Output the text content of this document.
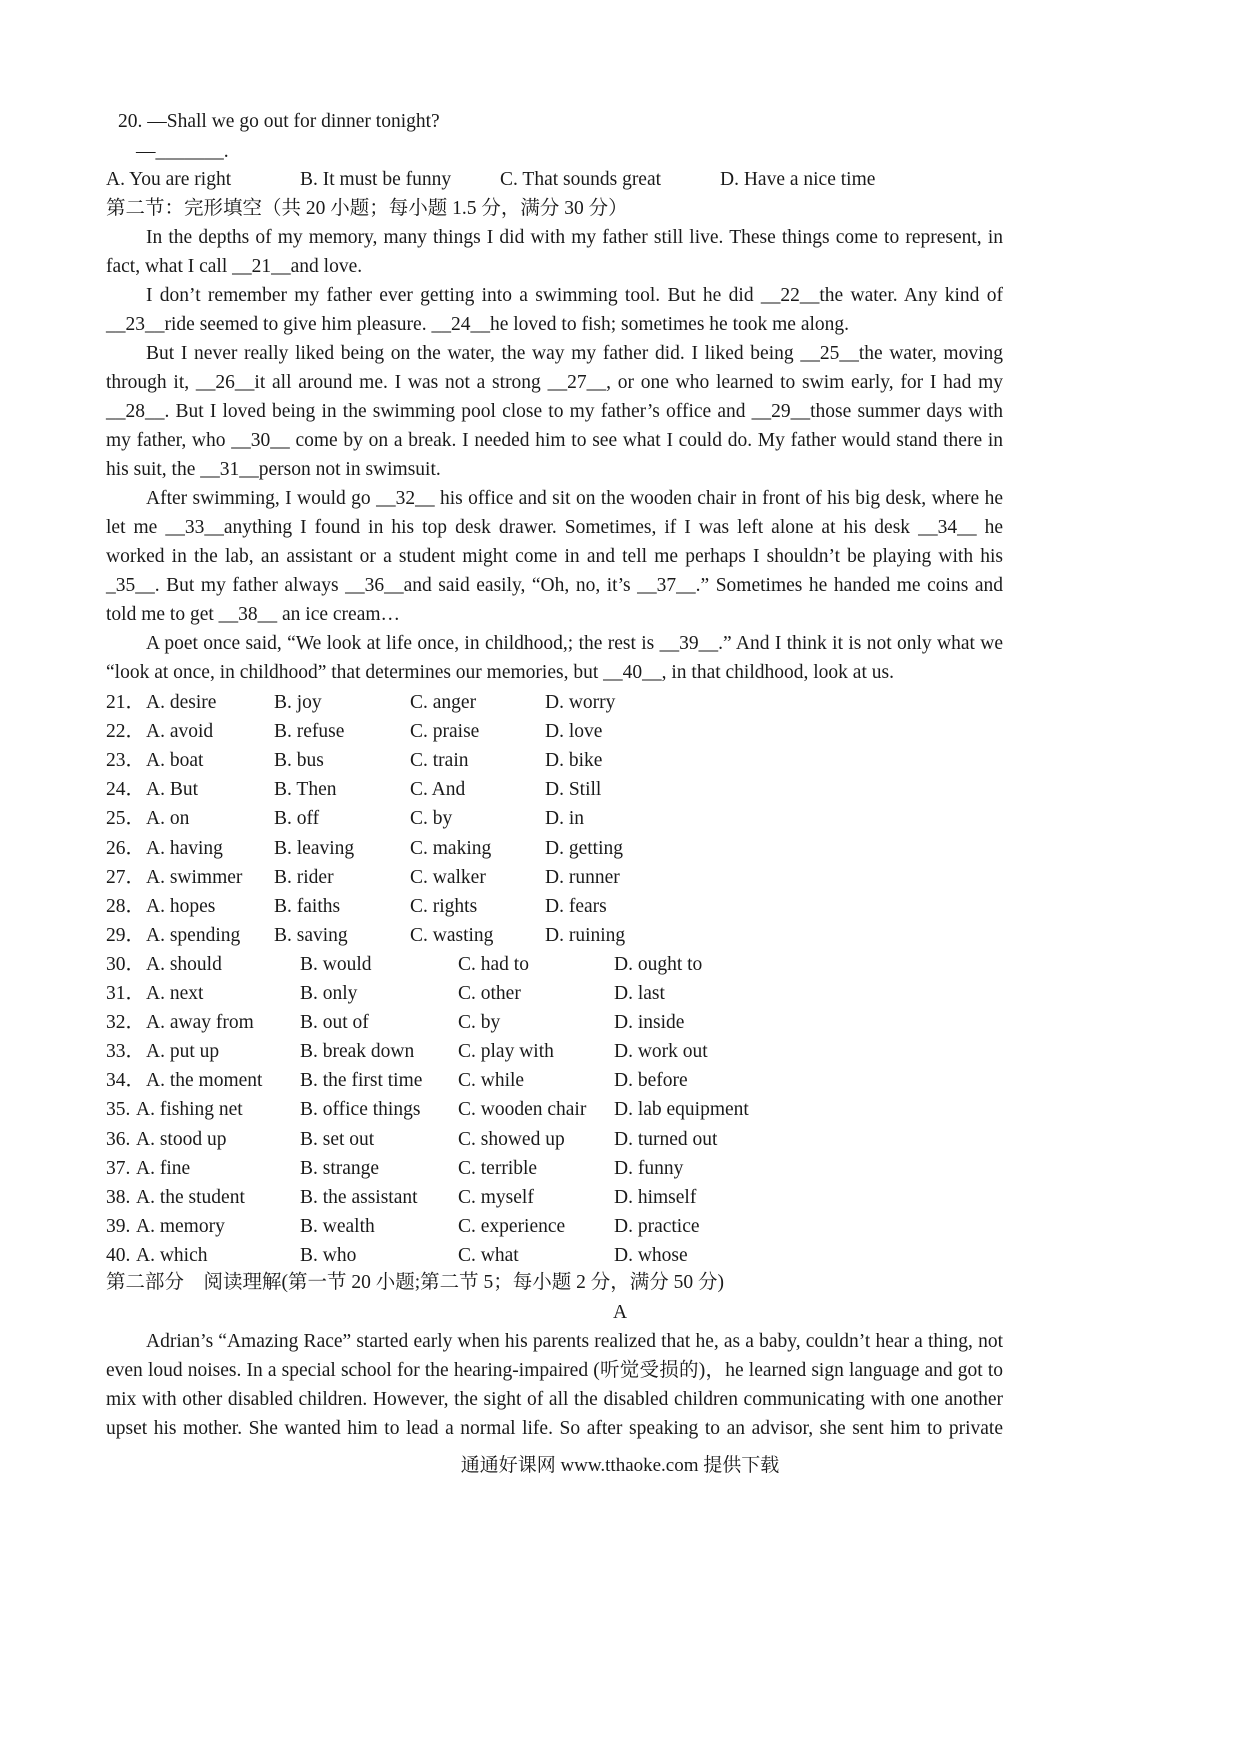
20. —Shall we go out for dinner tonight?
—_______.
A. You are right	B. It must be funny	C. That sounds great	D. Have a nice time
第二节：完形填空（共 20 小题；每小题 1.5 分，满分 30 分）
In the depths of my memory, many things I did with my father still live. These things come to represent, in
fact, what I call __21__and love.
I don’t remember my father ever getting into a swimming tool. But he did __22__the water. Any kind of
__23__ride seemed to give him pleasure. __24__he loved to fish; sometimes he took me along.
But I never really liked being on the water, the way my father did. I liked being __25__the water, moving
through it, __26__it all around me. I was not a strong __27__, or one who learned to swim early, for I had my
__28__. But I loved being in the swimming pool close to my father’s office and __29__those summer days with
my father, who __30__ come by on a break. I needed him to see what I could do. My father would stand there in
his suit, the __31__person not in swimsuit.
After swimming, I would go __32__ his office and sit on the wooden chair in front of his big desk, where he
let me __33__anything I found in his top desk drawer. Sometimes, if I was left alone at his desk __34__ he
worked in the lab, an assistant or a student might come in and tell me perhaps I shouldn’t be playing with his
_35__. But my father always __36__and said easily, “Oh, no, it’s __37__.” Sometimes he handed me coins and
told me to get __38__ an ice cream…
A poet once said, “We look at life once, in childhood,; the rest is __39__.” And I think it is not only what we
“look at once, in childhood” that determines our memories, but __40__, in that childhood, look at us.
21． A. desire	B. joy	C. anger	D. worry
22． A. avoid	B. refuse	C. praise	D. love
23． A. boat	B. bus	C. train	D. bike
24． A. But	B. Then	C. And	D. Still
25． A. on	B. off	C. by	D. in
26． A. having	B. leaving	C. making	D. getting
27． A. swimmer B. rider	C. walker	D. runner
28． A. hopes	B. faiths	C. rights	D. fears
29． A. spending B. saving	C. wasting	D. ruining
30． A. should	B. would	C. had to	D. ought to
31． A. next	B. only	C. other	D. last
32． A. away from B. out of	C. by	D. inside
33． A. put up	B. break down C. play with	D. work out
34． A. the moment B. the first time C. while	D. before
35. A. fishing net	B. office things C. wooden chair D. lab equipment
36. A. stood up	B. set out	C. showed up	D. turned out
37. A. fine	B. strange	C. terrible	D. funny
38. A. the student	B. the assistant C. myself	D. himself
39. A. memory	B. wealth	C. experience	D. practice
40. A. which	B. who	C. what	D. whose
第二部分　阅读理解(第一节 20 小题;第二节 5；每小题 2 分，满分 50 分)
A
Adrian’s “Amazing Race” started early when his parents realized that he, as a baby, couldn’t hear a thing, not
even loud noises. In a special school for the hearing-impaired (听觉受损的)，he learned sign language and got to
mix with other disabled children. However, the sight of all the disabled children communicating with one another
upset his mother. She wanted him to lead a normal life. So after speaking to an advisor, she sent him to private
通通好课网 www.tthaoke.com 提供下载
